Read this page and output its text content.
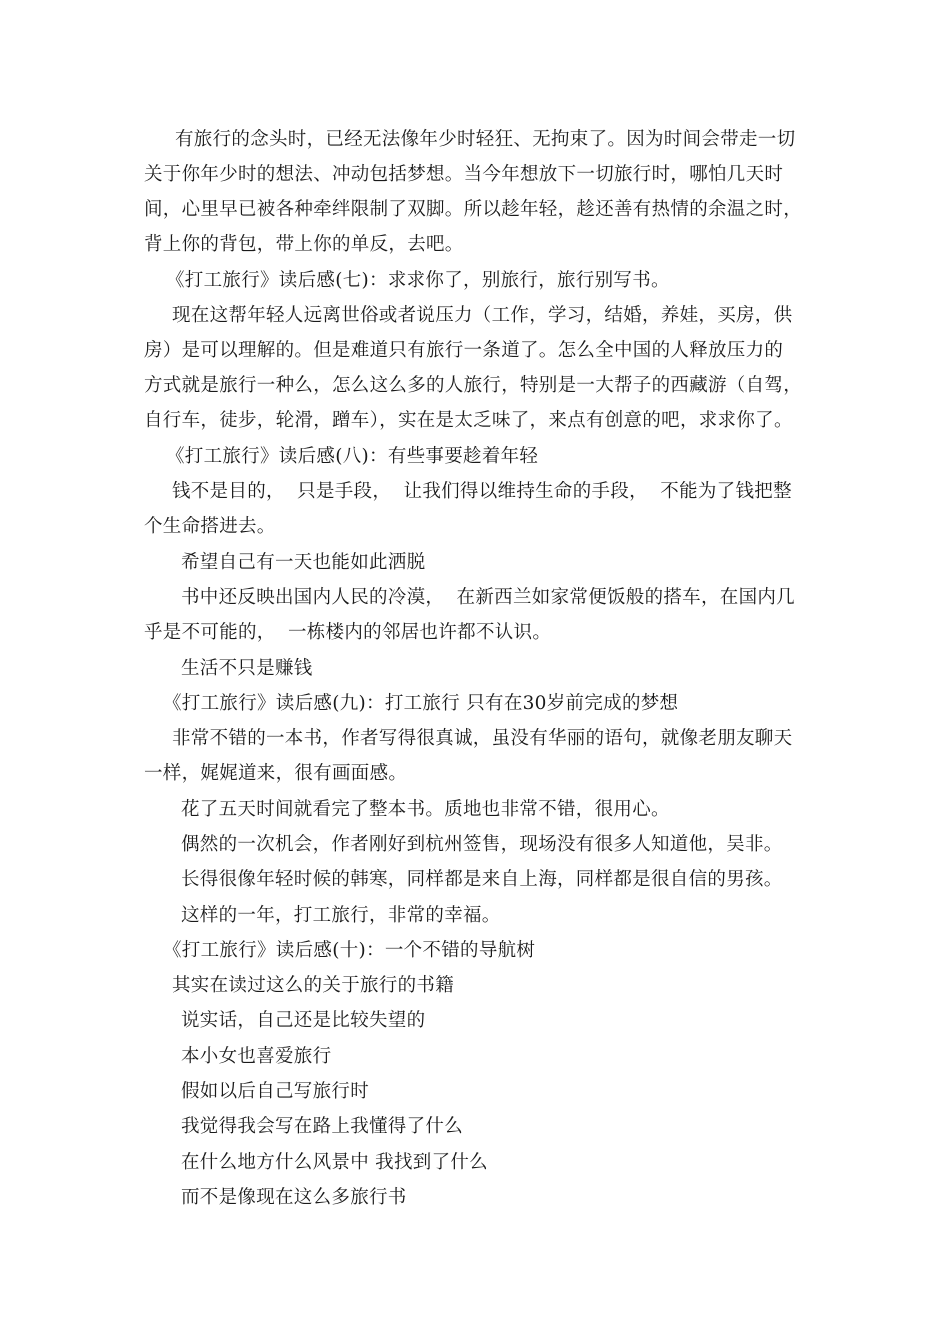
有旅行的念头时，已经无法像年少时轻狂、无拘束了。因为时间会带走一切
关于你年少时的想法、冲动包括梦想。当今年想放下一切旅行时，哪怕几天时
间，心里早已被各种牵绊限制了双脚。所以趁年轻，趁还善有热情的余温之时，
背上你的背包，带上你的单反，去吧。
《打工旅行》读后感(七)：求求你了，别旅行，旅行别写书。
现在这帮年轻人远离世俗或者说压力（工作，学习，结婚，养娃，买房，供
房）是可以理解的。但是难道只有旅行一条道了。怎么全中国的人释放压力的
方式就是旅行一种么，怎么这么多的人旅行，特别是一大帮子的西藏游（自驾，
自行车，徒步，轮滑，蹭车），实在是太乏味了，来点有创意的吧，求求你了。
《打工旅行》读后感(八)：有些事要趁着年轻
钱不是目的，  只是手段，  让我们得以维持生命的手段，  不能为了钱把整
个生命搭进去。
希望自己有一天也能如此洒脱
书中还反映出国内人民的冷漠，  在新西兰如家常便饭般的搭车，在国内几
乎是不可能的，  一栋楼内的邻居也许都不认识。
生活不只是赚钱
《打工旅行》读后感(九)：打工旅行 只有在30岁前完成的梦想
非常不错的一本书，作者写得很真诚，虽没有华丽的语句，就像老朋友聊天
一样，娓娓道来，很有画面感。
花了五天时间就看完了整本书。质地也非常不错，很用心。
偶然的一次机会，作者刚好到杭州签售，现场没有很多人知道他，吴非。
长得很像年轻时候的韩寒，同样都是来自上海，同样都是很自信的男孩。
这样的一年，打工旅行，非常的幸福。
《打工旅行》读后感(十)：一个不错的导航树
其实在读过这么的关于旅行的书籍
说实话，自己还是比较失望的
本小女也喜爱旅行
假如以后自己写旅行时
我觉得我会写在路上我懂得了什么
在什么地方什么风景中 我找到了什么
而不是像现在这么多旅行书
